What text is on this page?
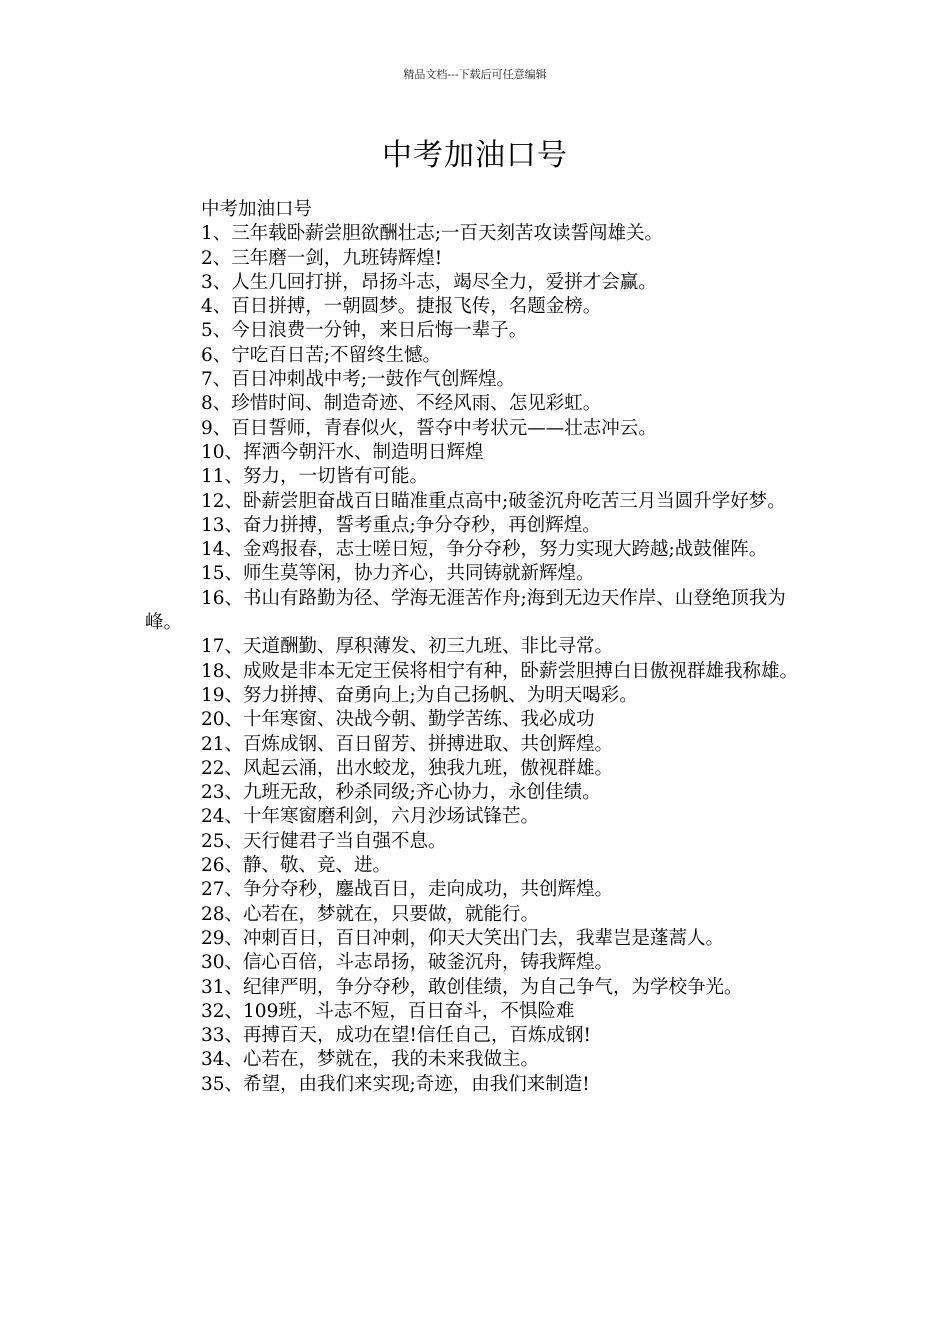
精品文档---下载后可任意编辑
中考加油口号

中考加油口号

1、三年载卧薪尝胆欲酬壮志;一百天刻苦攻读誓闯雄关。

2、三年磨一剑，九班铸辉煌!

3、人生几回打拼，昂扬斗志，竭尽全力，爱拼才会赢。

4、百日拼搏，一朝圆梦。捷报飞传，名题金榜。

5、今日浪费一分钟，来日后悔一辈子。

6、宁吃百日苦;不留终生憾。

7、百日冲刺战中考;一鼓作气创辉煌。

8、珍惜时间、制造奇迹、不经风雨、怎见彩虹。

9、百日誓师，青春似火，誓夺中考状元——壮志冲云。

10、挥洒今朝汗水、制造明日辉煌

11、努力，一切皆有可能。

12、卧薪尝胆奋战百日瞄准重点高中;破釜沉舟吃苦三月当圆升学好梦。

13、奋力拼搏，誓考重点;争分夺秒，再创辉煌。

14、金鸡报春，志士嗟日短，争分夺秒，努力实现大跨越;战鼓催阵。

15、师生莫等闲，协力齐心，共同铸就新辉煌。

16、书山有路勤为径、学海无涯苦作舟;海到无边天作岸、山登绝顶我为峰。

17、天道酬勤、厚积薄发、初三九班、非比寻常。

18、成败是非本无定王侯将相宁有种，卧薪尝胆搏白日傲视群雄我称雄。

19、努力拼搏、奋勇向上;为自己扬帆、为明天喝彩。

20、十年寒窗、决战今朝、勤学苦练、我必成功

21、百炼成钢、百日留芳、拼搏进取、共创辉煌。

22、风起云涌，出水蛟龙，独我九班，傲视群雄。

23、九班无敌，秒杀同级;齐心协力，永创佳绩。

24、十年寒窗磨利剑，六月沙场试锋芒。

25、天行健君子当自强不息。

26、静、敬、竞、进。

27、争分夺秒，鏖战百日，走向成功，共创辉煌。

28、心若在，梦就在，只要做，就能行。

29、冲刺百日，百日冲刺，仰天大笑出门去，我辈岂是蓬蒿人。

30、信心百倍，斗志昂扬，破釜沉舟，铸我辉煌。

31、纪律严明，争分夺秒，敢创佳绩，为自己争气，为学校争光。

32、109班，斗志不短，百日奋斗，不惧险难

33、再搏百天，成功在望!信任自己，百炼成钢!

34、心若在，梦就在，我的未来我做主。

35、希望，由我们来实现;奇迹，由我们来制造!
